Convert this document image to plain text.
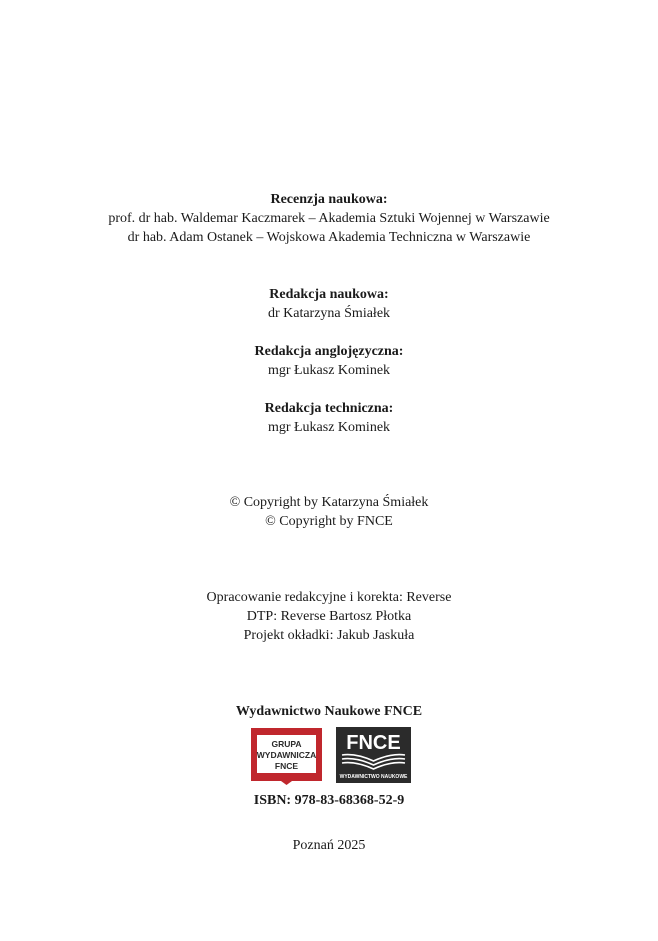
Recenzja naukowa:
prof. dr hab. Waldemar Kaczmarek – Akademia Sztuki Wojennej w Warszawie
dr hab. Adam Ostanek – Wojskowa Akademia Techniczna w Warszawie
Redakcja naukowa:
dr Katarzyna Śmiałek
Redakcja anglojęzyczna:
mgr Łukasz Kominek
Redakcja techniczna:
mgr Łukasz Kominek
© Copyright by Katarzyna Śmiałek
© Copyright by FNCE
Opracowanie redakcyjne i korekta: Reverse
DTP: Reverse Bartosz Płotka
Projekt okładki: Jakub Jaskuła
Wydawnictwo Naukowe FNCE
GRUPA
WYDAWNICZA
FNCE
FNCE
WYDAWNICTWO NAUKOWE
ISBN: 978-83-68368-52-9
Poznań 2025
